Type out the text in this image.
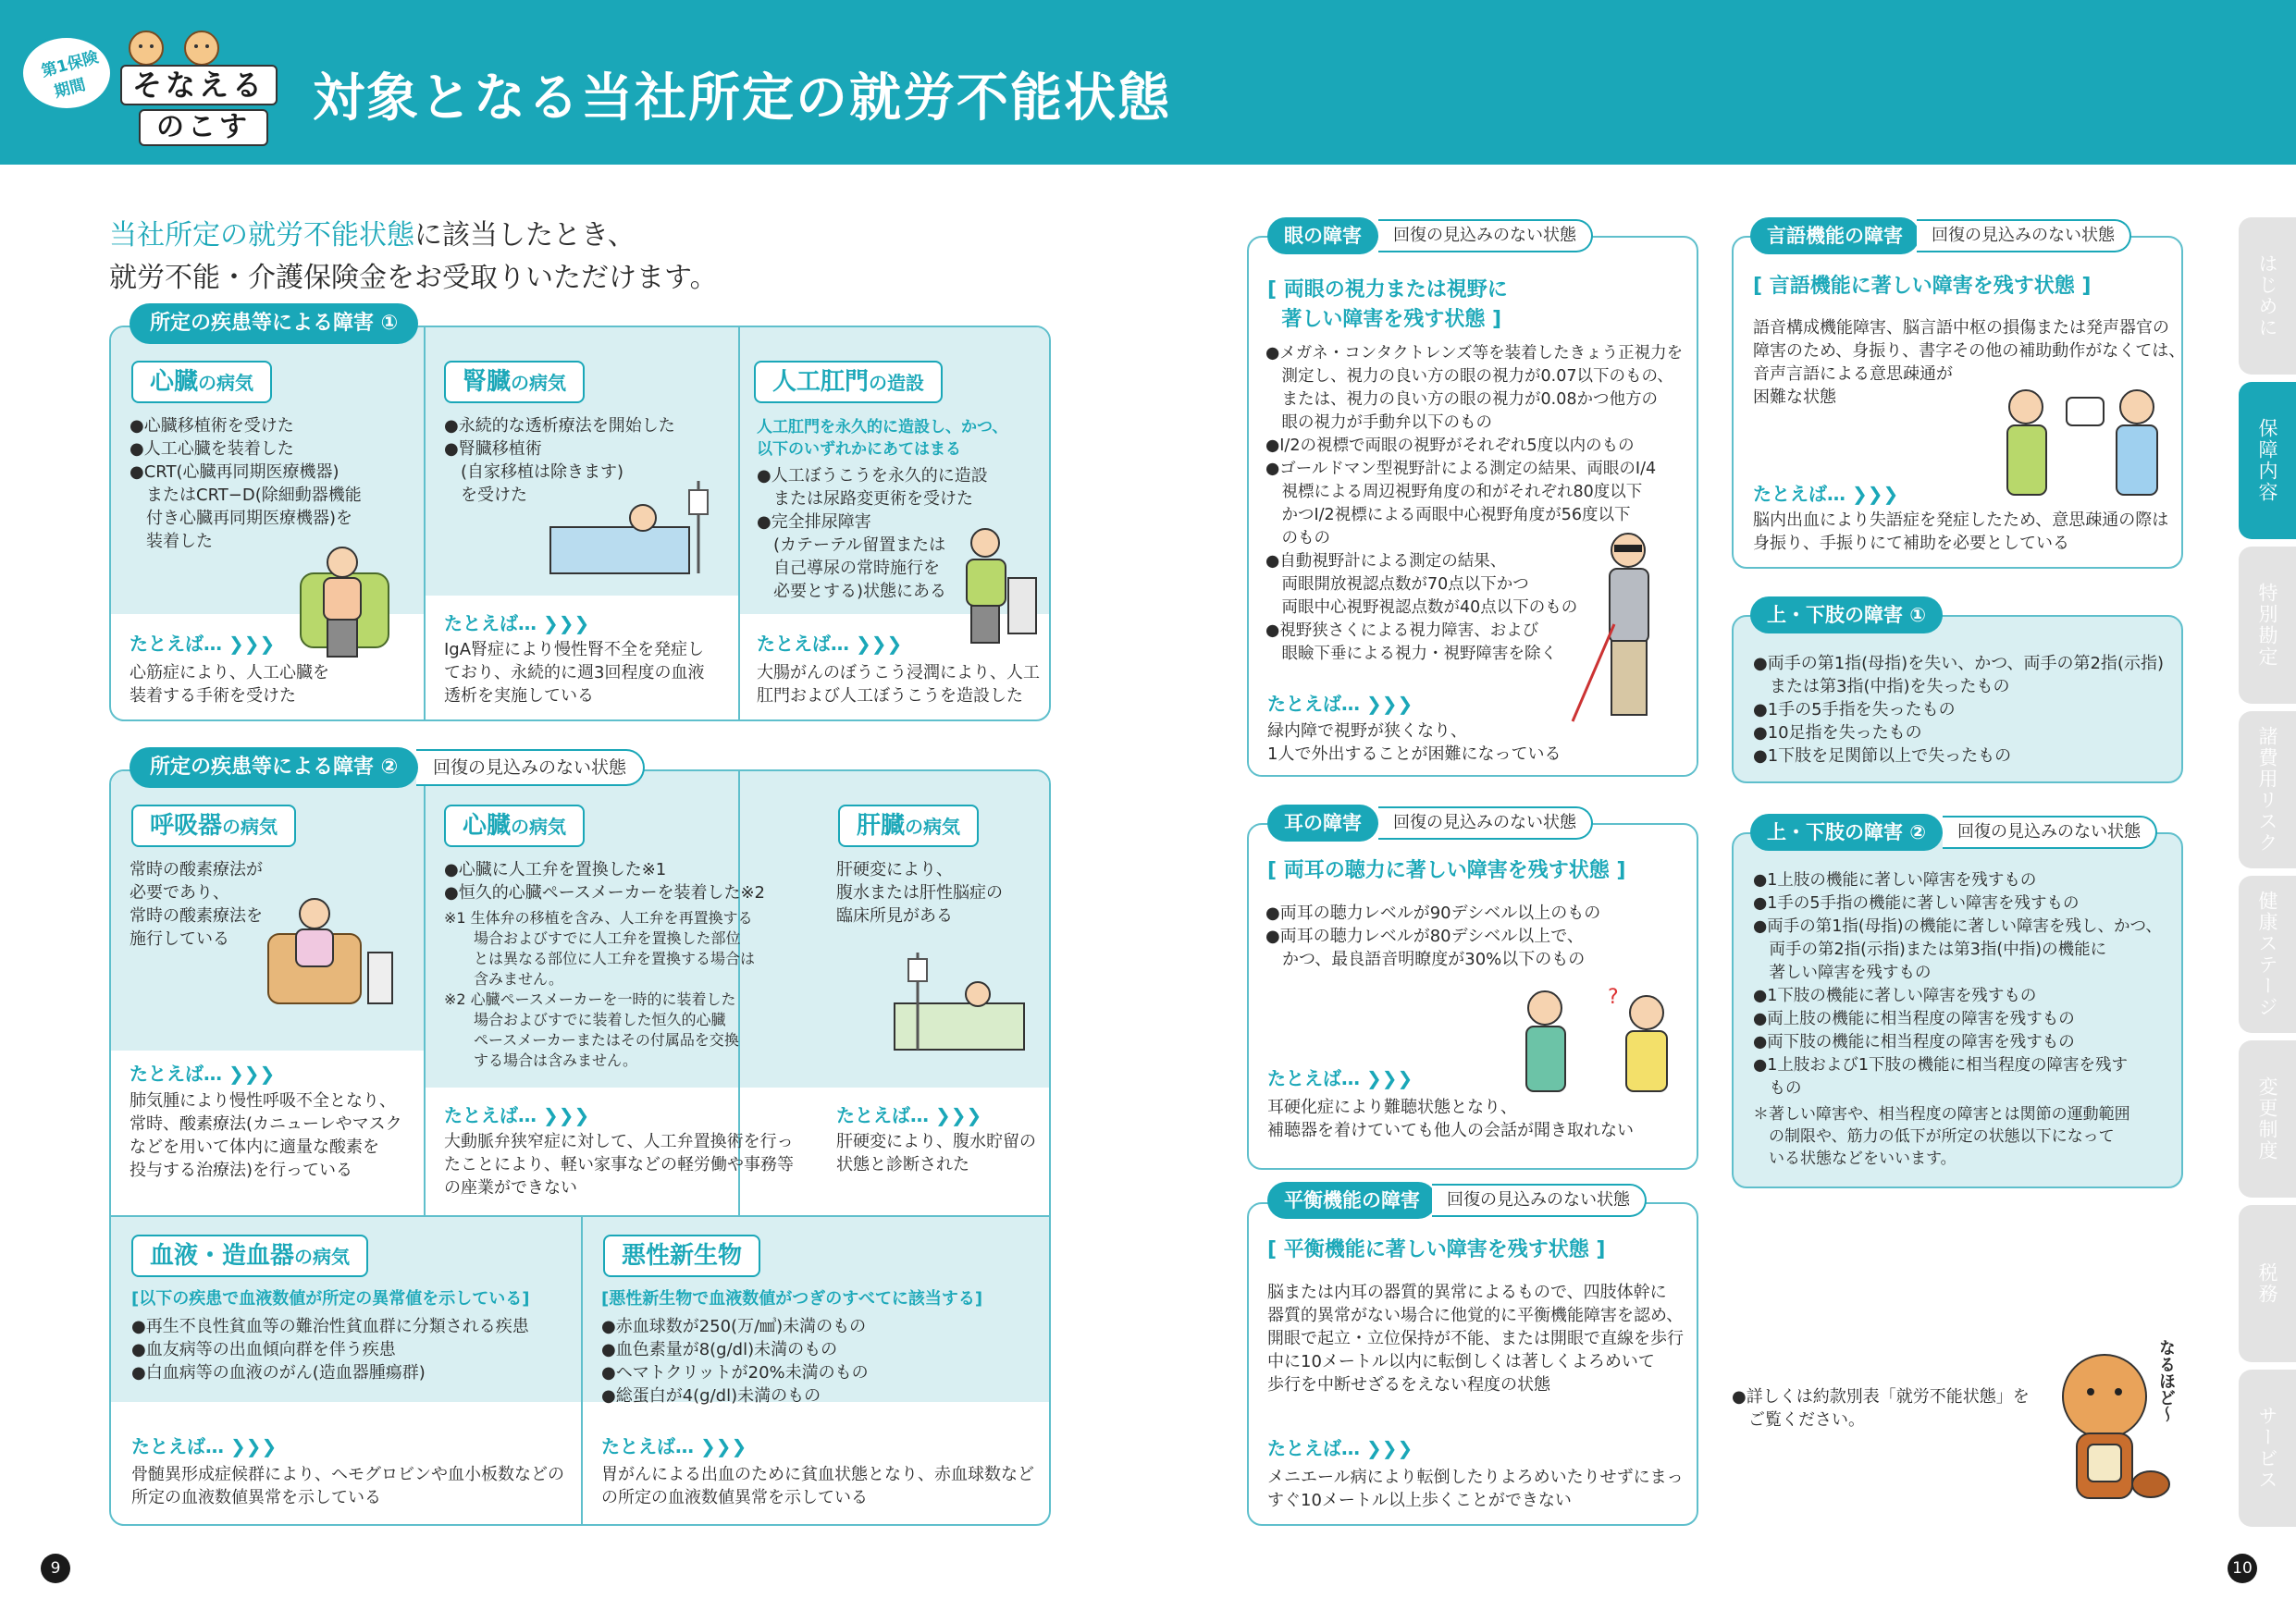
第1保険
期間	そなえる
のこす	対象となる当社所定の就労不能状態
当社所定の就労不能状態に該当したとき、
就労不能・介護保険金をお受取りいただけます。
所定の疾患等による障害 ①
心臓の病気
●心臓移植術を受けた
●人工心臓を装着した
●CRT(心臓再同期医療機器)
　またはCRT−D(除細動器機能
　付き心臓再同期医療機器)を
　装着した
たとえば… ❯❯❯
心筋症により、人工心臓を
装着する手術を受けた
腎臓の病気
●永続的な透析療法を開始した
●腎臓移植術
　(自家移植は除きます)
　を受けた
たとえば… ❯❯❯
IgA腎症により慢性腎不全を発症し
ており、永続的に週3回程度の血液
透析を実施している
人工肛門の造設
人工肛門を永久的に造設し、かつ、
以下のいずれかにあてはまる
●人工ぼうこうを永久的に造設
　または尿路変更術を受けた
●完全排尿障害
　(カテーテル留置または
　自己導尿の常時施行を
　必要とする)状態にある
たとえば… ❯❯❯
大腸がんのぼうこう浸潤により、人工
肛門および人工ぼうこうを造設した
所定の疾患等による障害 ②	回復の見込みのない状態
呼吸器の病気
常時の酸素療法が
必要であり、
常時の酸素療法を
施行している
たとえば… ❯❯❯
肺気腫により慢性呼吸不全となり、
常時、酸素療法(カニューレやマスク
などを用いて体内に適量な酸素を
投与する治療法)を行っている
心臓の病気
●心臓に人工弁を置換した※1
●恒久的心臓ペースメーカーを装着した※2
※1 生体弁の移植を含み、人工弁を再置換する
　　場合およびすでに人工弁を置換した部位
　　とは異なる部位に人工弁を置換する場合は
　　含みません。
※2 心臓ペースメーカーを一時的に装着した
　　場合およびすでに装着した恒久的心臓
　　ペースメーカーまたはその付属品を交換
　　する場合は含みません。
たとえば… ❯❯❯
大動脈弁狭窄症に対して、人工弁置換術を行っ
たことにより、軽い家事などの軽労働や事務等
の座業ができない
肝臓の病気
肝硬変により、
腹水または肝性脳症の
臨床所見がある
たとえば… ❯❯❯
肝硬変により、腹水貯留の
状態と診断された
血液・造血器の病気
[以下の疾患で血液数値が所定の異常値を示している]
●再生不良性貧血等の難治性貧血群に分類される疾患
●血友病等の出血傾向群を伴う疾患
●白血病等の血液のがん(造血器腫瘍群)
たとえば… ❯❯❯
骨髄異形成症候群により、ヘモグロビンや血小板数などの
所定の血液数値異常を示している
悪性新生物
[悪性新生物で血液数値がつぎのすべてに該当する]
●赤血球数が250(万/㎣)未満のもの
●血色素量が8(g/dl)未満のもの
●ヘマトクリットが20%未満のもの
●総蛋白が4(g/dl)未満のもの
たとえば… ❯❯❯
胃がんによる出血のために貧血状態となり、赤血球数など
の所定の血液数値異常を示している
眼の障害	回復の見込みのない状態
[ 両眼の視力または視野に
著しい障害を残す状態 ]
●メガネ・コンタクトレンズ等を装着したきょう正視力を
　測定し、視力の良い方の眼の視力が0.07以下のもの、
　または、視力の良い方の眼の視力が0.08かつ他方の
　眼の視力が手動弁以下のもの
●I/2の視標で両眼の視野がそれぞれ5度以内のもの
●ゴールドマン型視野計による測定の結果、両眼のI/4
　視標による周辺視野角度の和がそれぞれ80度以下
　かつI/2視標による両眼中心視野角度が56度以下
　のもの
●自動視野計による測定の結果、
　両眼開放視認点数が70点以下かつ
　両眼中心視野視認点数が40点以下のもの
●視野狭さくによる視力障害、および
　眼瞼下垂による視力・視野障害を除く
たとえば… ❯❯❯
緑内障で視野が狭くなり、
1人で外出することが困難になっている
耳の障害	回復の見込みのない状態
[ 両耳の聴力に著しい障害を残す状態 ]
●両耳の聴力レベルが90デシベル以上のもの
●両耳の聴力レベルが80デシベル以上で、
　かつ、最良語音明瞭度が30%以下のもの
?
たとえば… ❯❯❯
耳硬化症により難聴状態となり、
補聴器を着けていても他人の会話が聞き取れない
平衡機能の障害	回復の見込みのない状態
[ 平衡機能に著しい障害を残す状態 ]
脳または内耳の器質的異常によるもので、四肢体幹に
器質的異常がない場合に他覚的に平衡機能障害を認め、
開眼で起立・立位保持が不能、または開眼で直線を歩行
中に10メートル以内に転倒しくは著しくよろめいて
歩行を中断せざるをえない程度の状態
たとえば… ❯❯❯
メニエール病により転倒したりよろめいたりせずにまっ
すぐ10メートル以上歩くことができない
言語機能の障害	回復の見込みのない状態
[ 言語機能に著しい障害を残す状態 ]
語音構成機能障害、脳言語中枢の損傷または発声器官の
障害のため、身振り、書字その他の補助動作がなくては、
音声言語による意思疎通が
困難な状態
たとえば… ❯❯❯
脳内出血により失語症を発症したため、意思疎通の際は
身振り、手振りにて補助を必要としている
上・下肢の障害 ①
●両手の第1指(母指)を失い、かつ、両手の第2指(示指)
　または第3指(中指)を失ったもの
●1手の5手指を失ったもの
●10足指を失ったもの
●1下肢を足関節以上で失ったもの
上・下肢の障害 ②	回復の見込みのない状態
●1上肢の機能に著しい障害を残すもの
●1手の5手指の機能に著しい障害を残すもの
●両手の第1指(母指)の機能に著しい障害を残し、かつ、
　両手の第2指(示指)または第3指(中指)の機能に
　著しい障害を残すもの
●1下肢の機能に著しい障害を残すもの
●両上肢の機能に相当程度の障害を残すもの
●両下肢の機能に相当程度の障害を残すもの
●1上肢および1下肢の機能に相当程度の障害を残す
　もの
＊著しい障害や、相当程度の障害とは関節の運動範囲
　の制限や、筋力の低下が所定の状態以下になって
　いる状態などをいいます。
●詳しくは約款別表「就労不能状態」を
　ご覧ください。	なるほど〜
はじめに
保障内容
特別勘定
諸費用リスク
健康ステージ
変更制度
税務
サービス
9	10
